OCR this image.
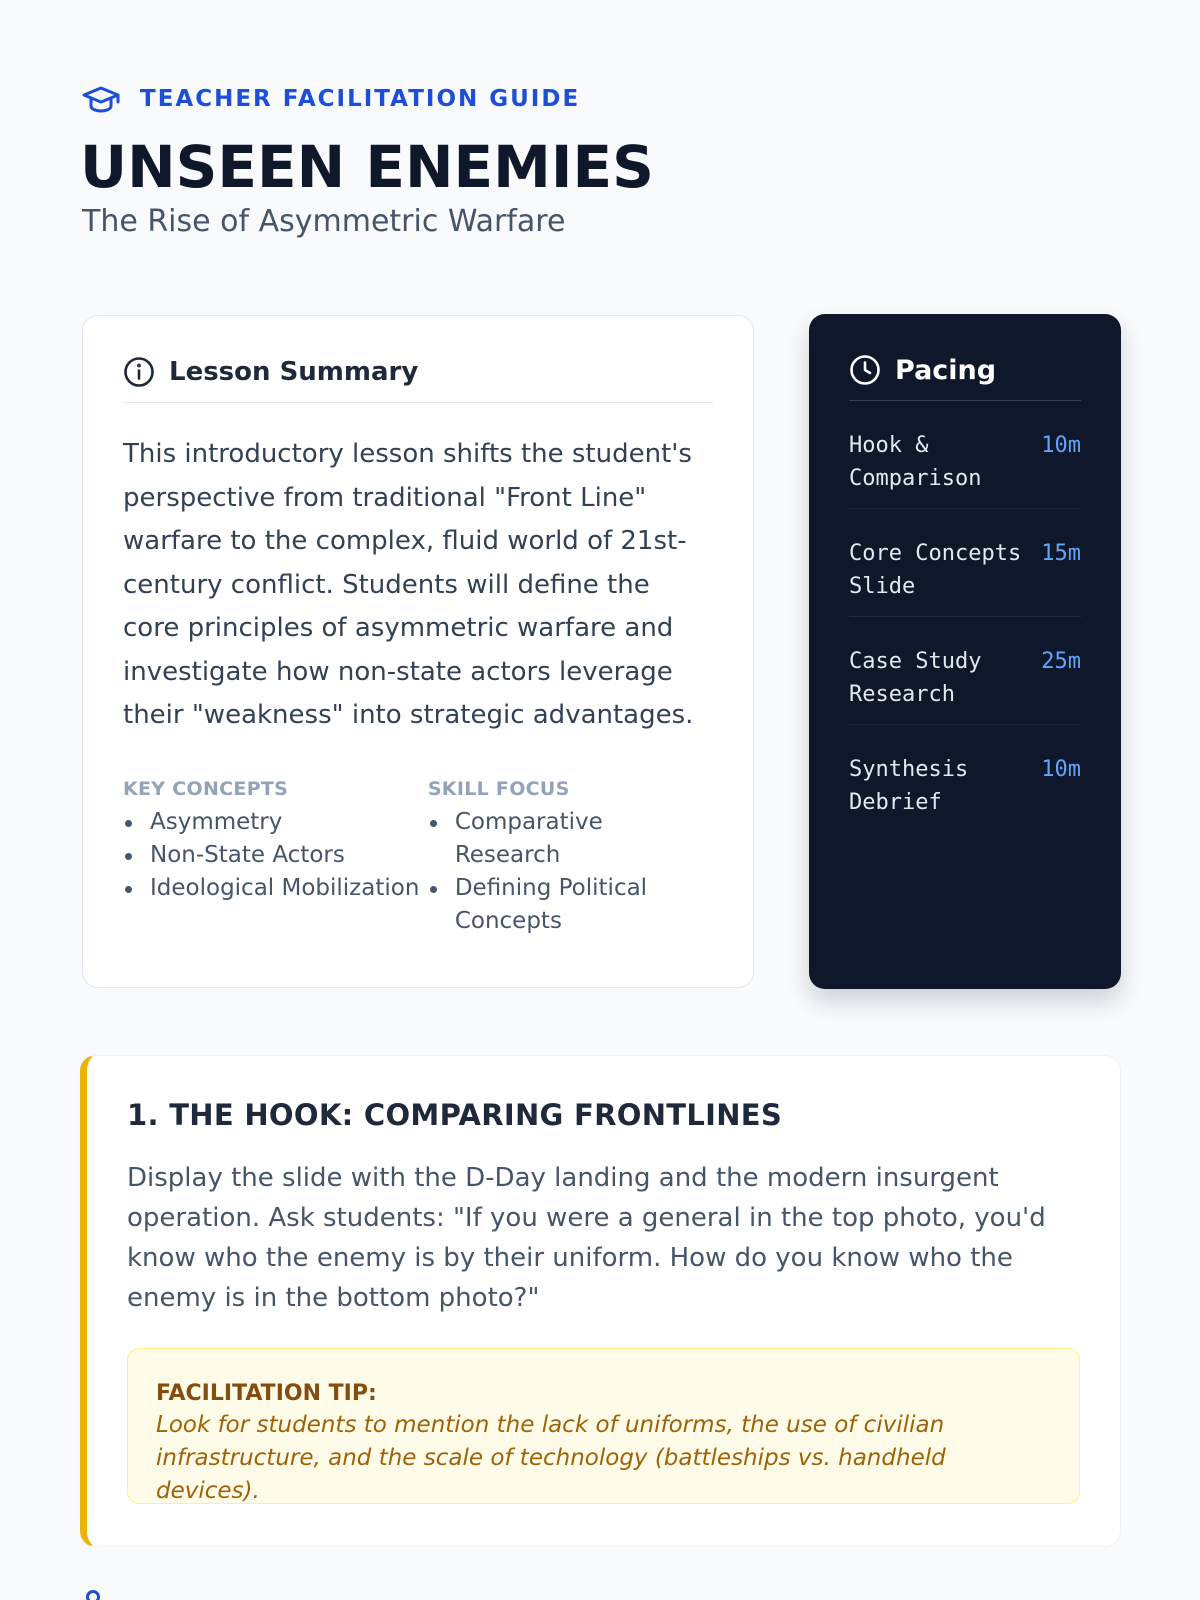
TEACHER FACILITATION GUIDE
UNSEEN ENEMIES
The Rise of Asymmetric Warfare
Lesson Summary

This introductory lesson shifts the student's perspective from traditional "Front Line" warfare to the complex, fluid world of 21st-century conflict. Students will define the core principles of asymmetric warfare and investigate how non-state actors leverage their "weakness" into strategic advantages.

KEY CONCEPTS
Asymmetry
Non-State Actors
Ideological Mobilization
SKILL FOCUS
Comparative Research
Defining Political Concepts
Pacing
Hook & Comparison
10m
Core Concepts Slide
15m
Case Study Research
25m
Synthesis Debrief
10m
1. THE HOOK: COMPARING FRONTLINES

Display the slide with the D-Day landing and the modern insurgent operation. Ask students: "If you were a general in the top photo, you'd know who the enemy is by their uniform. How do you know who the enemy is in the bottom photo?"

FACILITATION TIP:
Look for students to mention the lack of uniforms, the use of civilian infrastructure, and the scale of technology (battleships vs. handheld devices).
